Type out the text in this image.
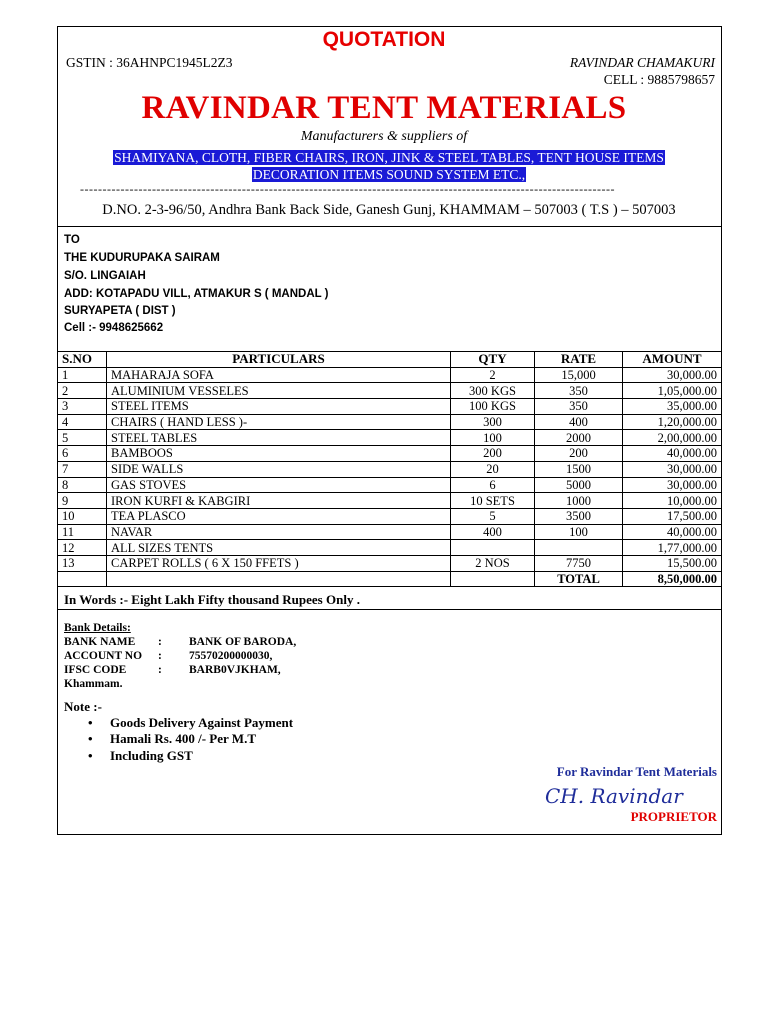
QUOTATION
GSTIN : 36AHNPC1945L2Z3	RAVINDAR CHAMAKURI
CELL : 9885798657
RAVINDAR TENT MATERIALS
Manufacturers & suppliers of
SHAMIYANA, CLOTH, FIBER CHAIRS, IRON, JINK & STEEL TABLES, TENT HOUSE ITEMS
DECORATION ITEMS SOUND SYSTEM ETC.,
-----------------------------------------------------------------------------------------------------------------------
D.NO. 2-3-96/50, Andhra Bank Back Side, Ganesh Gunj, KHAMMAM – 507003 ( T.S ) – 507003
TO
THE KUDURUPAKA SAIRAM
S/O. LINGAIAH
ADD: KOTAPADU VILL, ATMAKUR S ( MANDAL )
SURYAPETA ( DIST )
Cell :- 9948625662
S.NO	PARTICULARS	QTY	RATE	AMOUNT
1	MAHARAJA SOFA	2	15,000	30,000.00
2	ALUMINIUM VESSELES	300 KGS	350	1,05,000.00
3	STEEL ITEMS	100 KGS	350	35,000.00
4	CHAIRS ( HAND LESS )-	300	400	1,20,000.00
5	STEEL TABLES	100	2000	2,00,000.00
6	BAMBOOS	200	200	40,000.00
7	SIDE WALLS	20	1500	30,000.00
8	GAS STOVES	6	5000	30,000.00
9	IRON KURFI & KABGIRI	10 SETS	1000	10,000.00
10	TEA PLASCO	5	3500	17,500.00
11	NAVAR	400	100	40,000.00
12	ALL SIZES TENTS			1,77,000.00
13	CARPET ROLLS ( 6 X 150 FFETS )	2 NOS	7750	15,500.00
			TOTAL	8,50,000.00
In Words :- Eight Lakh Fifty thousand Rupees Only .
Bank Details:
BANK NAME : BANK OF BARODA,
ACCOUNT NO : 75570200000030,
IFSC CODE	: BARB0VJKHAM,
Khammam.
Note :-
• Goods Delivery Against Payment
• Hamali Rs. 400 /- Per M.T
• Including GST
For Ravindar Tent Materials
CH. Ravindar
PROPRIETOR
